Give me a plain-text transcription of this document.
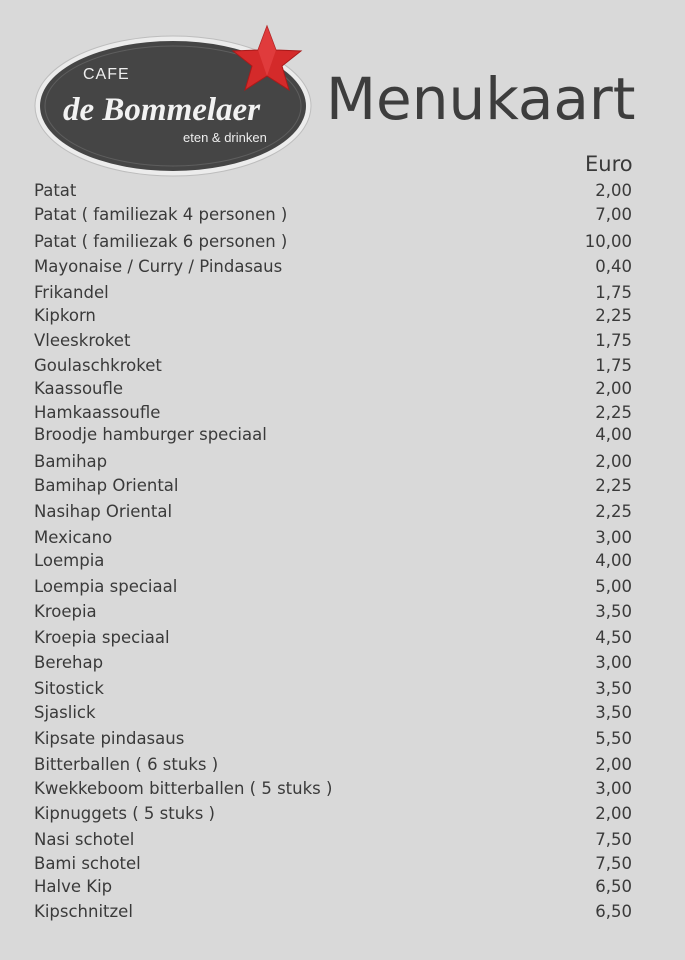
CAFE
de Bommelaer
eten & drinken
Menukaart
Euro
Patat	2,00
Patat ( familiezak 4 personen )	7,00
Patat ( familiezak 6 personen )	10,00
Mayonaise / Curry / Pindasaus	0,40
Frikandel	1,75
Kipkorn	2,25
Vleeskroket	1,75
Goulaschkroket	1,75
Kaassoufle	2,00
Hamkaassoufle	2,25
Broodje hamburger speciaal	4,00
Bamihap	2,00
Bamihap Oriental	2,25
Nasihap Oriental	2,25
Mexicano	3,00
Loempia	4,00
Loempia speciaal	5,00
Kroepia	3,50
Kroepia speciaal	4,50
Berehap	3,00
Sitostick	3,50
Sjaslick	3,50
Kipsate pindasaus	5,50
Bitterballen ( 6 stuks )	2,00
Kwekkeboom bitterballen ( 5 stuks )	3,00
Kipnuggets ( 5 stuks )	2,00
Nasi schotel	7,50
Bami schotel	7,50
Halve Kip	6,50
Kipschnitzel	6,50
